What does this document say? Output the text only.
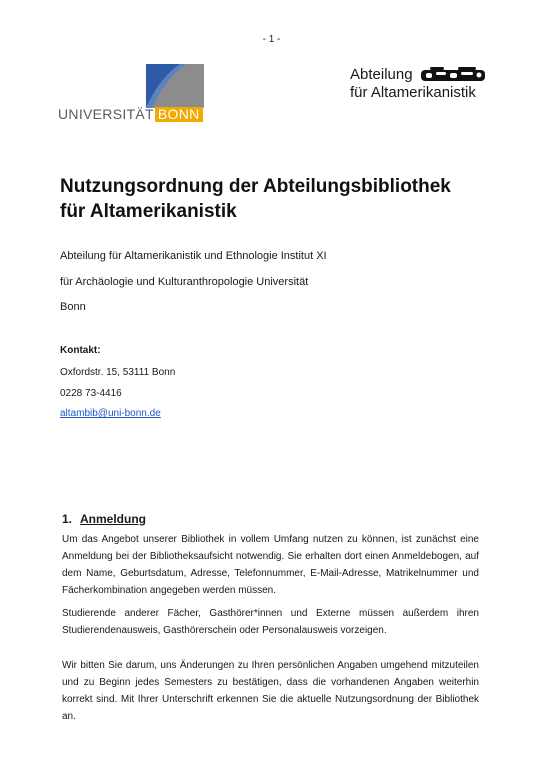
- 1 -
UNIVERSITÄT BONN
Abteilung
für Altamerikanistik
Nutzungsordnung der Abteilungsbibliothek
für Altamerikanistik
Abteilung für Altamerikanistik und Ethnologie Institut XI
für Archäologie und Kulturanthropologie Universität
Bonn
Kontakt:
Oxfordstr. 15, 53111 Bonn
0228 73-4416
altambib@uni-bonn.de
1. Anmeldung
Um das Angebot unserer Bibliothek in vollem Umfang nutzen zu können, ist zunächst eine Anmeldung bei der Bibliotheksaufsicht notwendig. Sie erhalten dort einen Anmeldebogen, auf dem Name, Geburtsdatum, Adresse, Telefonnummer, E-Mail-Adresse, Matrikelnummer und Fächerkombination angegeben werden müssen.
Studierende anderer Fächer, Gasthörer*innen und Externe müssen außerdem ihren Studierendenausweis, Gasthörerschein oder Personalausweis vorzeigen.
Wir bitten Sie darum, uns Änderungen zu Ihren persönlichen Angaben umgehend mitzuteilen und zu Beginn jedes Semesters zu bestätigen, dass die vorhandenen Angaben weiterhin korrekt sind. Mit Ihrer Unterschrift erkennen Sie die aktuelle Nutzungsordnung der Bibliothek an.
